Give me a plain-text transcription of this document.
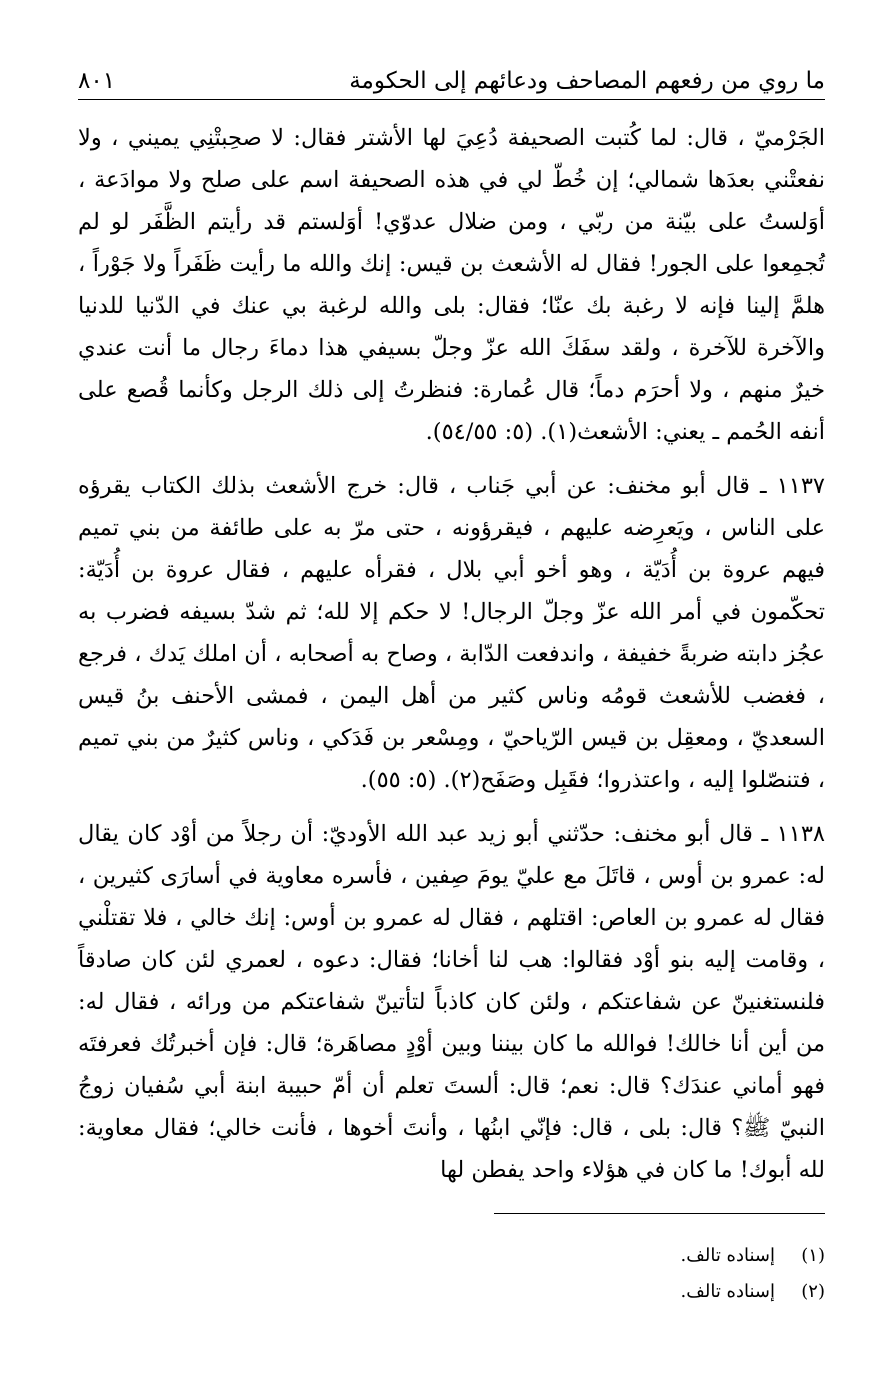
ما روي من رفعهم المصاحف ودعائهم إلى الحكومة
٨٠١

الجَرْميّ ، قال: لما كُتبت الصحيفة دُعِيَ لها الأشتر فقال: لا صحِبتْنِي يميني ، ولا نفعتْني بعدَها شمالي؛ إن خُطّ لي في هذه الصحيفة اسم على صلح ولا موادَعة ، أوَلستُ على بيّنة من ربّي ، ومن ضلال عدوّي! أوَلستم قد رأيتم الظَّفَر لو لم تُجمِعوا على الجور! فقال له الأشعث بن قيس: إنك والله ما رأيت ظَفَراً ولا جَوْراً ، هلمَّ إلينا فإنه لا رغبة بك عنّا؛ فقال: بلى والله لرغبة بي عنك في الدّنيا للدنيا والآخرة للآخرة ، ولقد سفَكَ الله عزّ وجلّ بسيفي هذا دماءَ رجال ما أنت عندي خيرٌ منهم ، ولا أحرَم دماً؛ قال عُمارة: فنظرتُ إلى ذلك الرجل وكأنما قُصع على أنفه الحُمم ـ يعني: الأشعث(١). (٥: ٥٤/٥٥).

١١٣٧ ـ قال أبو مخنف: عن أبي جَناب ، قال: خرج الأشعث بذلك الكتاب يقرؤه على الناس ، ويَعرِضه عليهم ، فيقرؤونه ، حتى مرّ به على طائفة من بني تميم فيهم عروة بن أُدَيّة ، وهو أخو أبي بلال ، فقرأه عليهم ، فقال عروة بن أُدَيّة: تحكّمون في أمر الله عزّ وجلّ الرجال! لا حكم إلا لله؛ ثم شدّ بسيفه فضرب به عجُز دابته ضربةً خفيفة ، واندفعت الدّابة ، وصاح به أصحابه ، أن املك يَدك ، فرجع ، فغضب للأشعث قومُه وناس كثير من أهل اليمن ، فمشى الأحنف بنُ قيس السعديّ ، ومعقِل بن قيس الرّياحيّ ، ومِسْعر بن فَدَكي ، وناس كثيرٌ من بني تميم ، فتنصّلوا إليه ، واعتذروا؛ فقَبِل وصَفَح(٢). (٥: ٥٥).

١١٣٨ ـ قال أبو مخنف: حدّثني أبو زيد عبد الله الأوديّ: أن رجلاً من أوْد كان يقال له: عمرو بن أوس ، قاتَلَ مع عليّ يومَ صِفين ، فأسره معاوية في أسارَى كثيرين ، فقال له عمرو بن العاص: اقتلهم ، فقال له عمرو بن أوس: إنك خالي ، فلا تقتلْني ، وقامت إليه بنو أوْد فقالوا: هب لنا أخانا؛ فقال: دعوه ، لعمري لئن كان صادقاً فلنستغنينّ عن شفاعتكم ، ولئن كان كاذباً لتأتينّ شفاعتكم من ورائه ، فقال له: من أين أنا خالك! فوالله ما كان بيننا وبين أوْدٍ مصاهَرة؛ قال: فإن أخبرتُك فعرفتَه فهو أماني عندَك؟ قال: نعم؛ قال: ألستَ تعلم أن أمّ حبيبة ابنة أبي سُفيان زوجُ النبيّ ﷺ؟ قال: بلى ، قال: فإنّي ابنُها ، وأنتَ أخوها ، فأنت خالي؛ فقال معاوية: لله أبوك! ما كان في هؤلاء واحد يفطن لها

(١)
إسناده تالف.
(٢)
إسناده تالف.
